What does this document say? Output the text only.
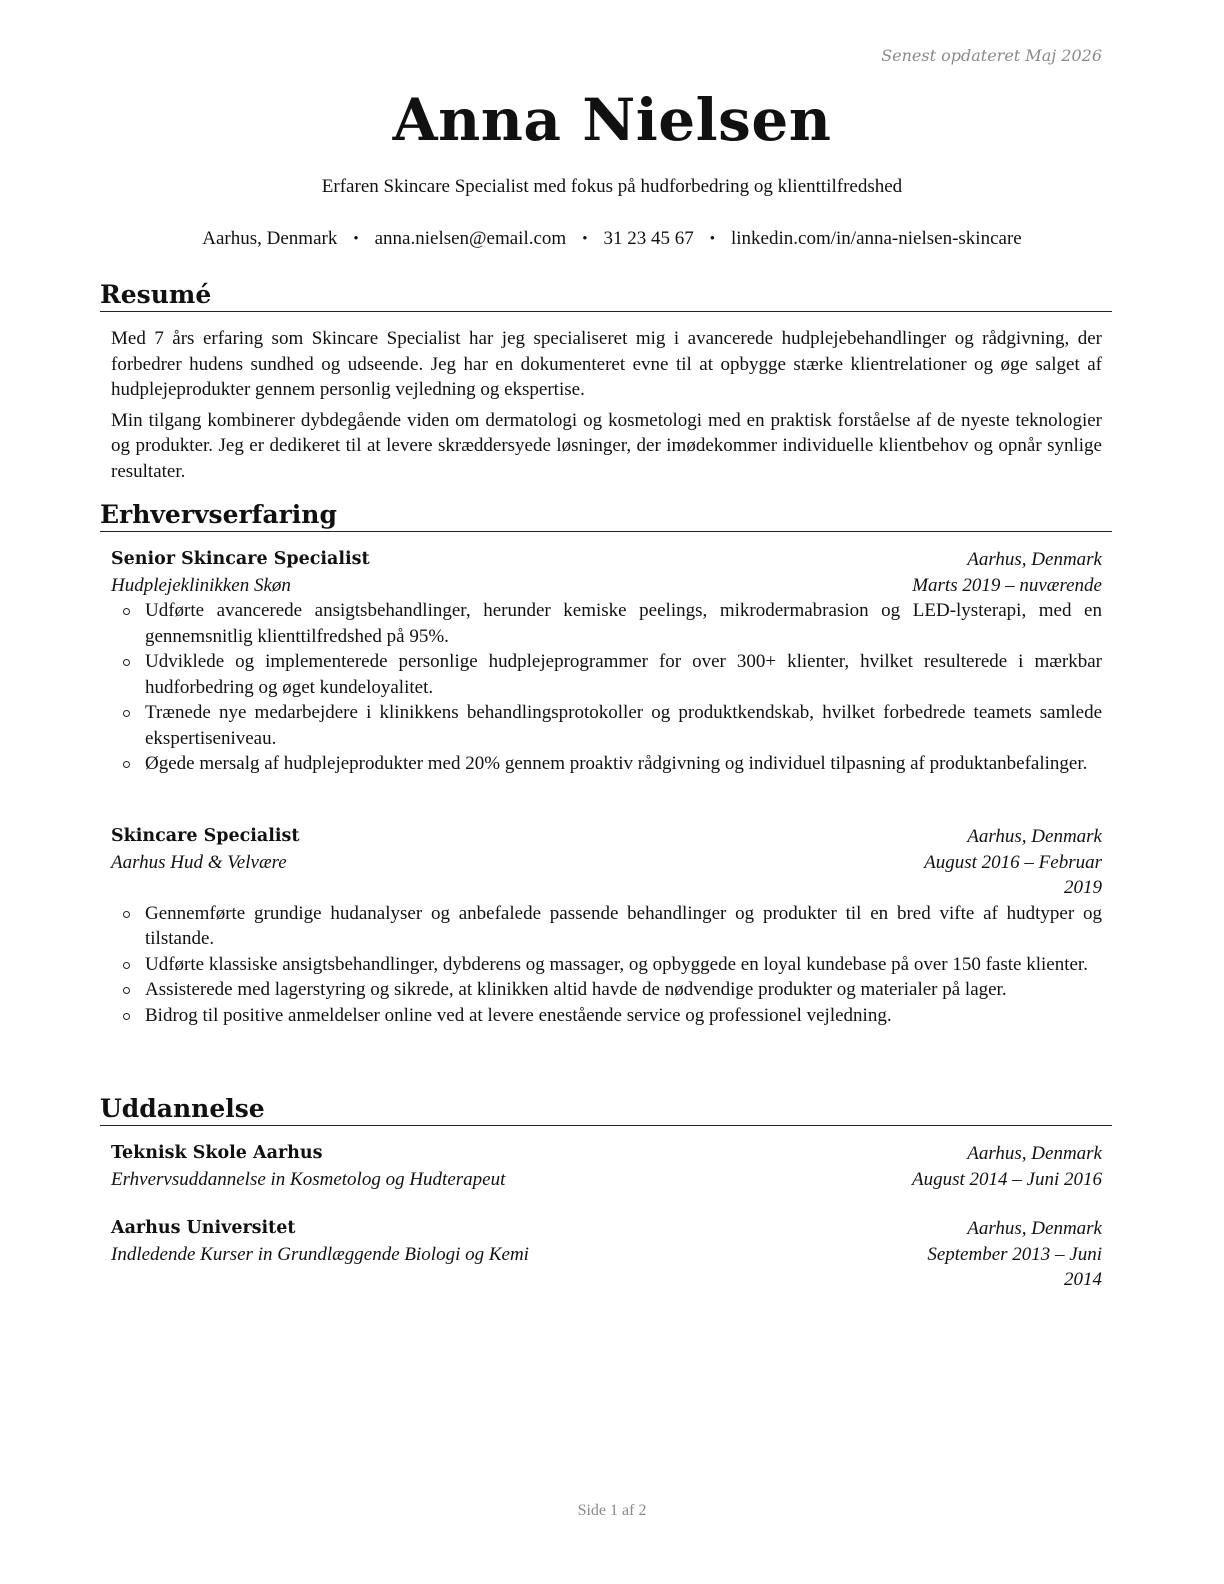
Senest opdateret Maj 2026
Anna Nielsen
Erfaren Skincare Specialist med fokus på hudforbedring og klienttilfredshed
Aarhus, Denmark • anna.nielsen@email.com • 31 23 45 67 • linkedin.com/in/anna-nielsen-skincare
Resumé

Med 7 års erfaring som Skincare Specialist har jeg specialiseret mig i avancerede hudplejebehandlinger og rådgivning, der forbedrer hudens sundhed og udseende. Jeg har en dokumenteret evne til at opbygge stærke klientrelationer og øge salget af hudplejeprodukter gennem personlig vejledning og ekspertise.

Min tilgang kombinerer dybdegående viden om dermatologi og kosmetologi med en praktisk forståelse af de nyeste teknologier og produkter. Jeg er dedikeret til at levere skræddersyede løsninger, der imødekommer individuelle klientbehov og opnår synlige resultater.

Erhvervserfaring
Senior Skincare Specialist	Aarhus, Denmark
Hudplejeklinikken Skøn	Marts 2019 – nuværende
Udførte avancerede ansigtsbehandlinger, herunder kemiske peelings, mikrodermabrasion og LED-lysterapi, med en gennemsnitlig klienttilfredshed på 95%.
Udviklede og implementerede personlige hudplejeprogrammer for over 300+ klienter, hvilket resulterede i mærkbar hudforbedring og øget kundeloyalitet.
Trænede nye medarbejdere i klinikkens behandlingsprotokoller og produktkendskab, hvilket forbedrede teamets samlede ekspertiseniveau.
Øgede mersalg af hudplejeprodukter med 20% gennem proaktiv rådgivning og individuel tilpasning af produktanbefalinger.
Skincare Specialist	Aarhus, Denmark
Aarhus Hud & Velvære	August 2016 – Februar
2019
Gennemførte grundige hudanalyser og anbefalede passende behandlinger og produkter til en bred vifte af hudtyper og tilstande.
Udførte klassiske ansigtsbehandlinger, dybderens og massager, og opbyggede en loyal kundebase på over 150 faste klienter.
Assisterede med lagerstyring og sikrede, at klinikken altid havde de nødvendige produkter og materialer på lager.
Bidrog til positive anmeldelser online ved at levere enestående service og professionel vejledning.
Uddannelse
Teknisk Skole Aarhus	Aarhus, Denmark
Erhvervsuddannelse in Kosmetolog og Hudterapeut	August 2014 – Juni 2016
Aarhus Universitet	Aarhus, Denmark
Indledende Kurser in Grundlæggende Biologi og Kemi	September 2013 – Juni
2014
Side 1 af 2
